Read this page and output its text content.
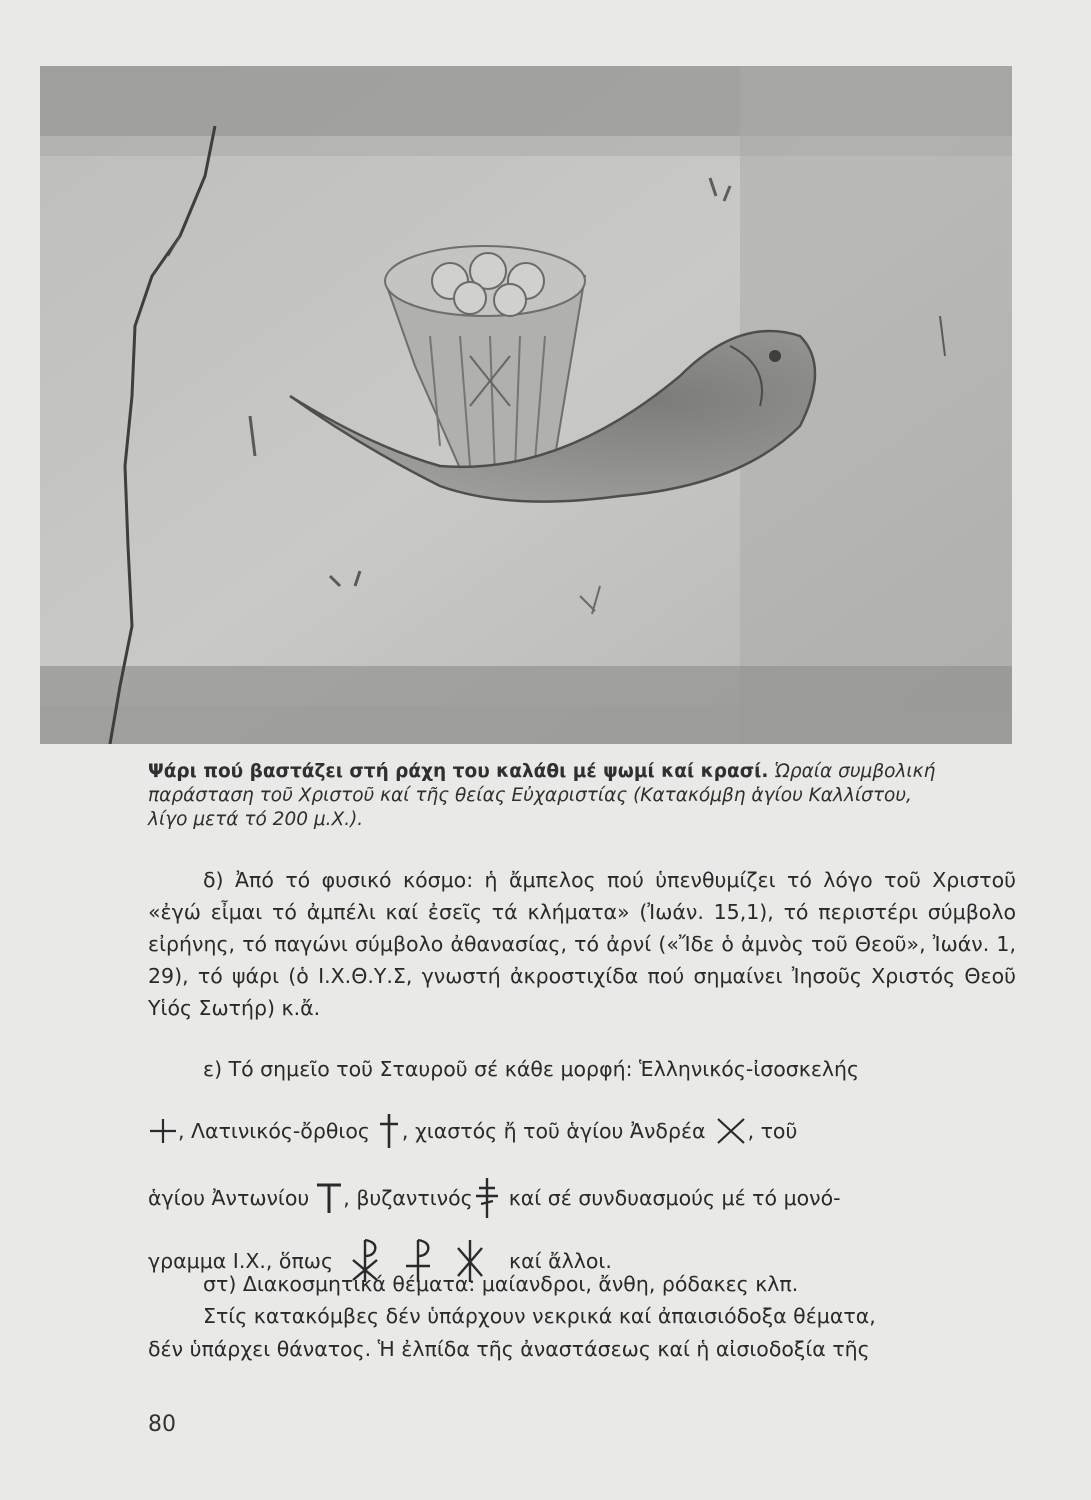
Ψάρι πού βαστάζει στή ράχη του καλάθι μέ ψωμί καί κρασί. Ὡραία συμβολική
παράσταση τοῦ Χριστοῦ καί τῆς θείας Εὐχαριστίας (Κατακόμβη ἁγίου Καλλίστου,
λίγο μετά τό 200 μ.Χ.).
δ) Ἀπό τό φυσικό κόσμο: ἡ ἄμπελος πού ὑπενθυμίζει τό λόγο τοῦ Χριστοῦ «ἐγώ εἶμαι τό ἀμπέλι καί ἐσεῖς τά κλήματα» (Ἰωάν. 15,1), τό περιστέρι σύμβολο εἰρήνης, τό παγώνι σύμβολο ἀθανασίας, τό ἀρνί («Ἴδε ὁ ἀμνὸς τοῦ Θεοῦ», Ἰωάν. 1, 29), τό ψάρι (ὁ Ι.Χ.Θ.Υ.Σ, γνωστή ἀκροστιχίδα πού σημαίνει Ἰησοῦς Χριστός Θεοῦ Υἱός Σωτήρ) κ.ἄ.
ε) Τό σημεῖο τοῦ Σταυροῦ σέ κάθε μορφή: Ἑλληνικός-ἰσοσκελής
, Λατινικός-ὄρθιος , χιαστός ἤ τοῦ ἁγίου Ἀνδρέα , τοῦ
ἁγίου Ἀντωνίου , βυζαντινός καί σέ συνδυασμούς μέ τό μονό-
γραμμα Ι.Χ., ὅπως	καί ἄλλοι.
στ) Διακοσμητικά θέματα: μαίανδροι, ἄνθη, ρόδακες κλπ.
Στίς κατακόμβες δέν ὑπάρχουν νεκρικά καί ἀπαισιόδοξα θέματα,
δέν ὑπάρχει θάνατος. Ἡ ἐλπίδα τῆς ἀναστάσεως καί ἡ αἰσιοδοξία τῆς
80
